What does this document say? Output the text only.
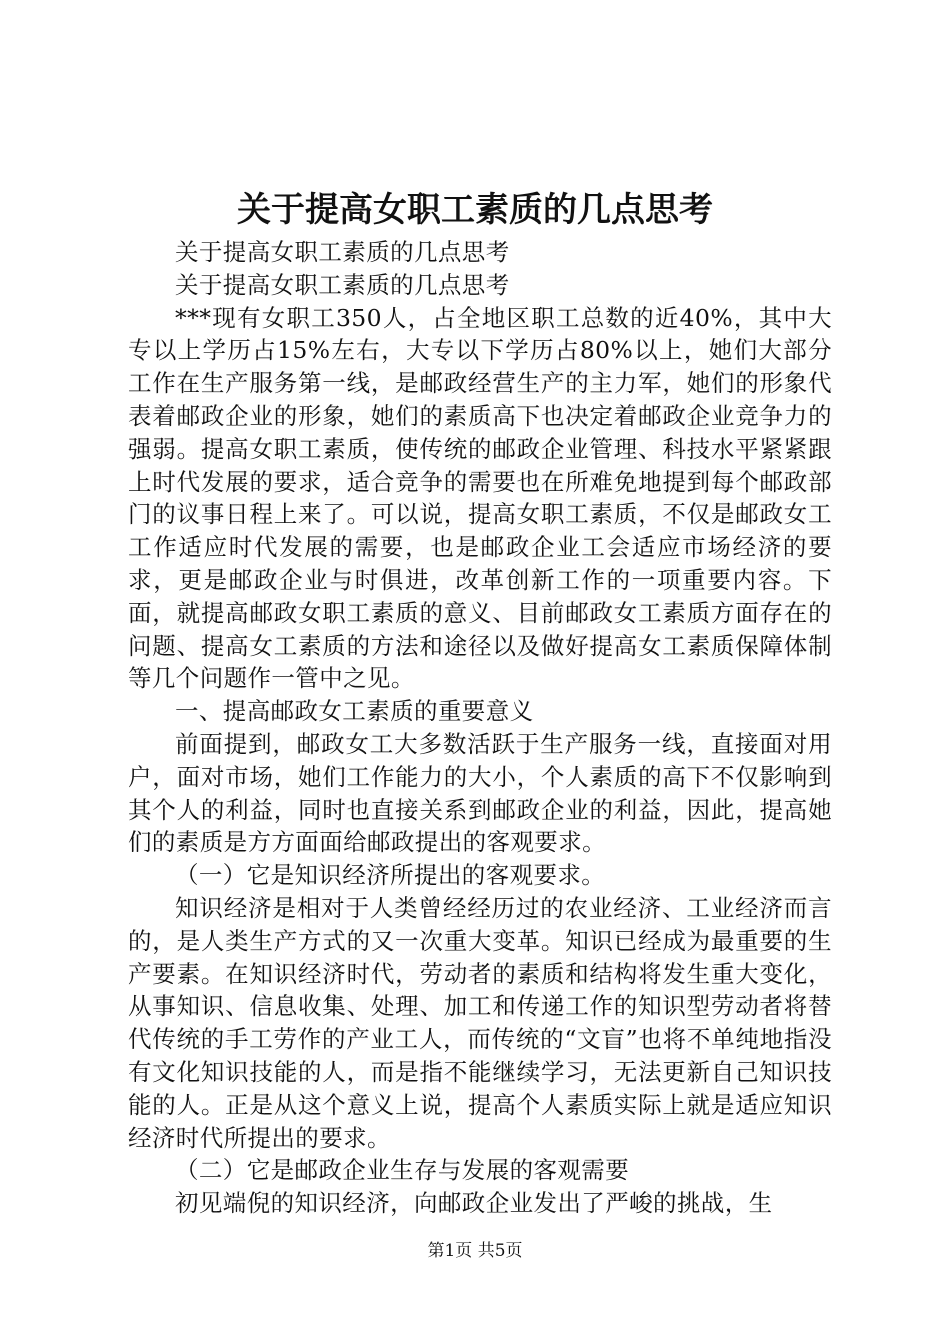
关于提高女职工素质的几点思考

关于提高女职工素质的几点思考

关于提高女职工素质的几点思考

***现有女职工350人，占全地区职工总数的近40%，其中大专以上学历占15%左右，大专以下学历占80%以上，她们大部分工作在生产服务第一线，是邮政经营生产的主力军，她们的形象代表着邮政企业的形象，她们的素质高下也决定着邮政企业竞争力的强弱。提高女职工素质，使传统的邮政企业管理、科技水平紧紧跟上时代发展的要求，适合竞争的需要也在所难免地提到每个邮政部门的议事日程上来了。可以说，提高女职工素质，不仅是邮政女工工作适应时代发展的需要，也是邮政企业工会适应市场经济的要求，更是邮政企业与时俱进，改革创新工作的一项重要内容。下面，就提高邮政女职工素质的意义、目前邮政女工素质方面存在的问题、提高女工素质的方法和途径以及做好提高女工素质保障体制等几个问题作一管中之见。

一、提高邮政女工素质的重要意义

前面提到，邮政女工大多数活跃于生产服务一线，直接面对用户，面对市场，她们工作能力的大小，个人素质的高下不仅影响到其个人的利益，同时也直接关系到邮政企业的利益，因此，提高她们的素质是方方面面给邮政提出的客观要求。

（一）它是知识经济所提出的客观要求。

知识经济是相对于人类曾经经历过的农业经济、工业经济而言的，是人类生产方式的又一次重大变革。知识已经成为最重要的生产要素。在知识经济时代，劳动者的素质和结构将发生重大变化，从事知识、信息收集、处理、加工和传递工作的知识型劳动者将替代传统的手工劳作的产业工人，而传统的“文盲”也将不单纯地指没有文化知识技能的人，而是指不能继续学习，无法更新自己知识技能的人。正是从这个意义上说，提高个人素质实际上就是适应知识经济时代所提出的要求。

（二）它是邮政企业生存与发展的客观需要

初见端倪的知识经济，向邮政企业发出了严峻的挑战，生

第1页 共5页
